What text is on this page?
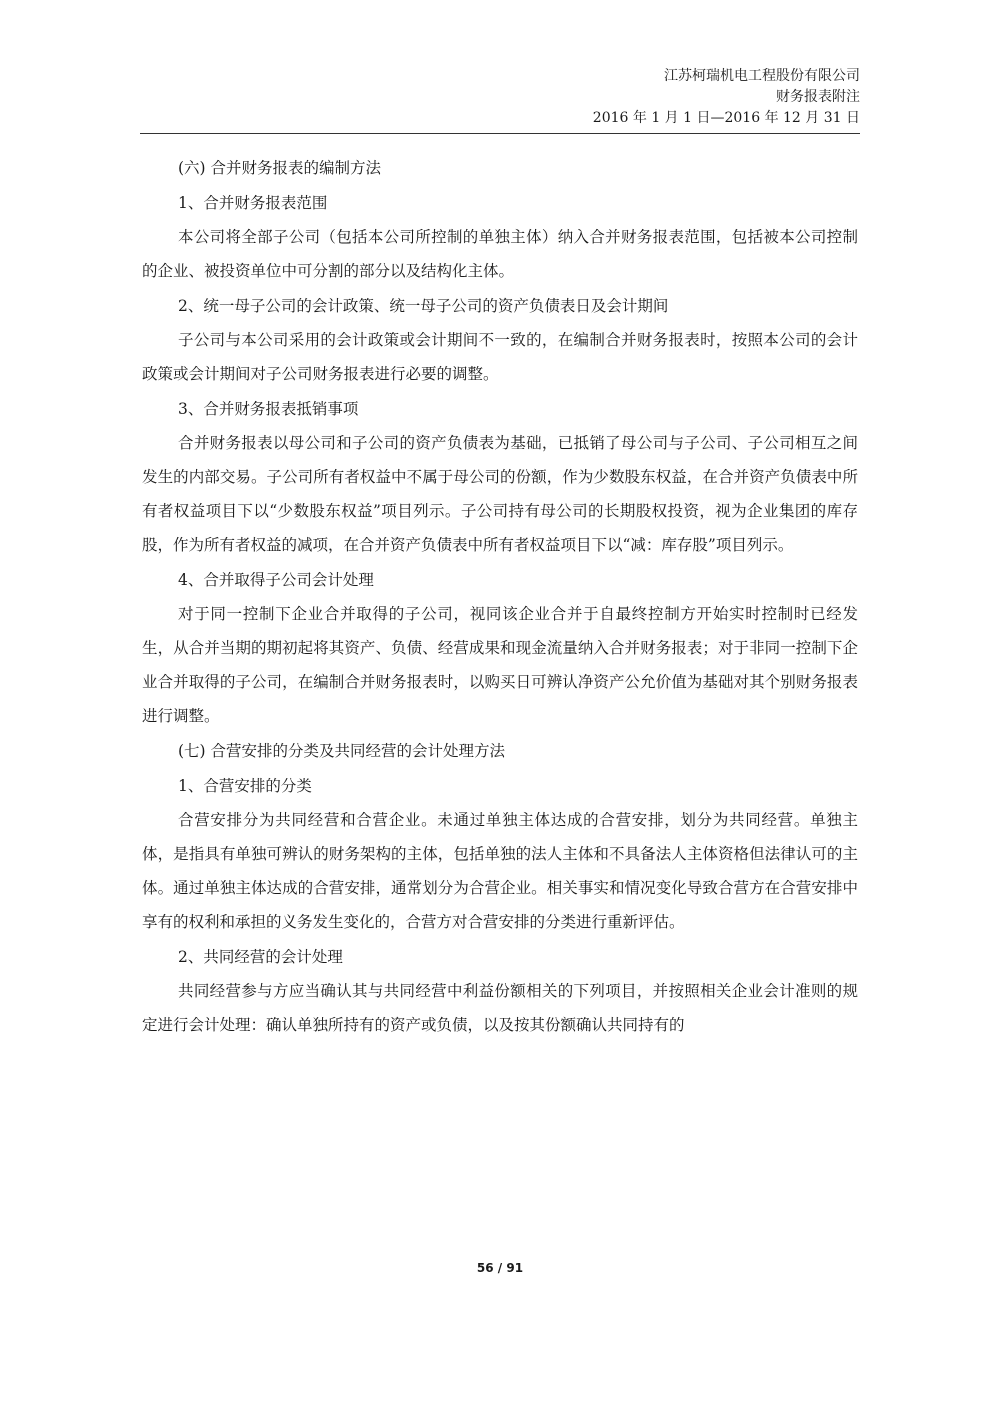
江苏柯瑞机电工程股份有限公司
财务报表附注
2016 年 1 月 1 日—2016 年 12 月 31 日

(六) 合并财务报表的编制方法

1、合并财务报表范围

本公司将全部子公司（包括本公司所控制的单独主体）纳入合并财务报表范围，包括被本公司控制的企业、被投资单位中可分割的部分以及结构化主体。

2、统一母子公司的会计政策、统一母子公司的资产负债表日及会计期间

子公司与本公司采用的会计政策或会计期间不一致的，在编制合并财务报表时，按照本公司的会计政策或会计期间对子公司财务报表进行必要的调整。

3、合并财务报表抵销事项

合并财务报表以母公司和子公司的资产负债表为基础，已抵销了母公司与子公司、子公司相互之间发生的内部交易。子公司所有者权益中不属于母公司的份额，作为少数股东权益，在合并资产负债表中所有者权益项目下以“少数股东权益”项目列示。子公司持有母公司的长期股权投资，视为企业集团的库存股，作为所有者权益的减项，在合并资产负债表中所有者权益项目下以“减：库存股”项目列示。

4、合并取得子公司会计处理

对于同一控制下企业合并取得的子公司，视同该企业合并于自最终控制方开始实时控制时已经发生，从合并当期的期初起将其资产、负债、经营成果和现金流量纳入合并财务报表；对于非同一控制下企业合并取得的子公司，在编制合并财务报表时，以购买日可辨认净资产公允价值为基础对其个别财务报表进行调整。

(七) 合营安排的分类及共同经营的会计处理方法

1、合营安排的分类

合营安排分为共同经营和合营企业。未通过单独主体达成的合营安排，划分为共同经营。单独主体，是指具有单独可辨认的财务架构的主体，包括单独的法人主体和不具备法人主体资格但法律认可的主体。通过单独主体达成的合营安排，通常划分为合营企业。相关事实和情况变化导致合营方在合营安排中享有的权利和承担的义务发生变化的，合营方对合营安排的分类进行重新评估。

2、共同经营的会计处理

共同经营参与方应当确认其与共同经营中利益份额相关的下列项目，并按照相关企业会计准则的规定进行会计处理：确认单独所持有的资产或负债，以及按其份额确认共同持有的

56 / 91
